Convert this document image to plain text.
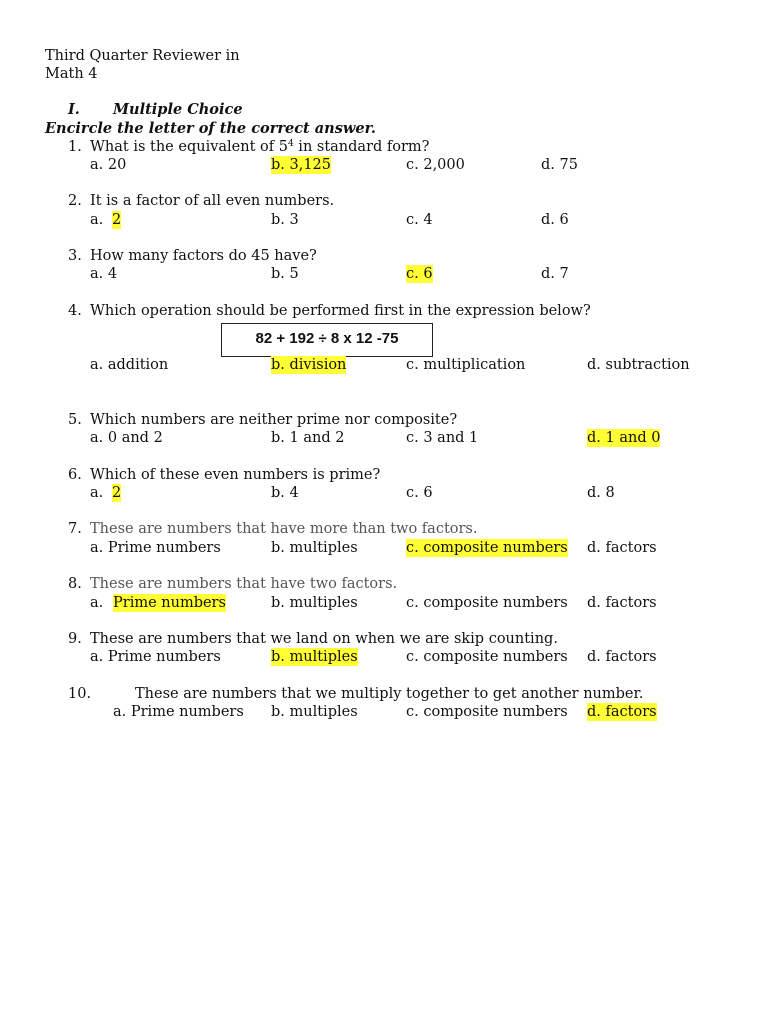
Third Quarter Reviewer in
Math 4
I. Multiple Choice
Encircle the letter of the correct answer.
1. What is the equivalent of $5^4$ in standard form?
a. 20	b. 3,125	c. 2,000	d. 75
2. It is a factor of all even numbers.
a. 2	b. 3	c. 4	d. 6
3. How many factors do 45 have?
a. 4	b. 5	c. 6	d. 7
4. Which operation should be performed first in the expression below?
82 + 192 ÷ 8 x 12 -75
a. addition	b. division	c. multiplication	d. subtraction
5. Which numbers are neither prime nor composite?
a. 0 and 2	b. 1 and 2	c. 3 and 1	d. 1 and 0
6. Which of these even numbers is prime?
a. 2	b. 4	c. 6	d. 8
7. These are numbers that have more than two factors.
a. Prime numbers	b. multiples	c. composite numbers d. factors
8. These are numbers that have two factors.
a. Prime numbers	b. multiples	c. composite numbers d. factors
9. These are numbers that we land on when we are skip counting.
a. Prime numbers	b. multiples	c. composite numbers d. factors
10.	These are numbers that we multiply together to get another number.
a. Prime numbers b. multiples	c. composite numbers d. factors
